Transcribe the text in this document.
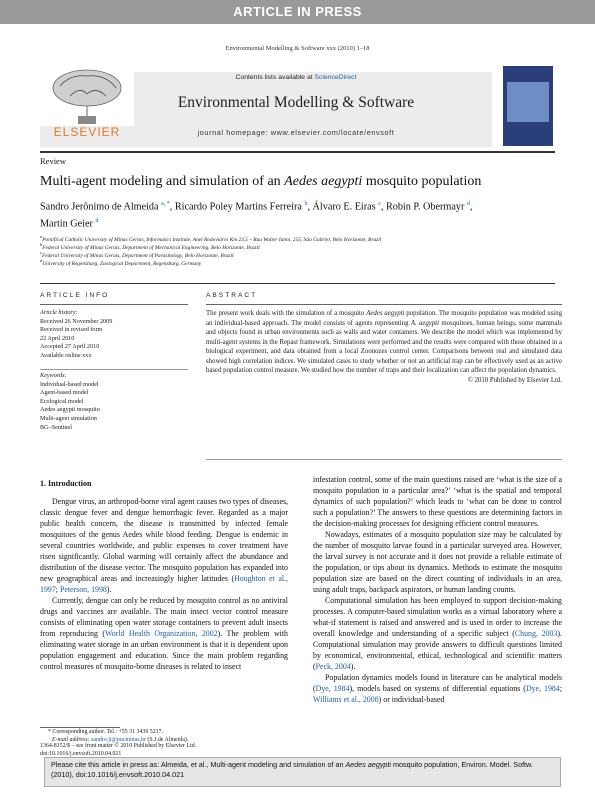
ARTICLE IN PRESS
Environmental Modelling & Software xxx (2010) 1–18
ELSEVIER
Contents lists available at ScienceDirect
Environmental Modelling & Software
journal homepage: www.elsevier.com/locate/envsoft
Review
Multi-agent modeling and simulation of an Aedes aegypti mosquito population
Sandro Jerônimo de Almeida $^{a, *}$, Ricardo Poley Martins Ferreira $^b$, Álvaro E. Eiras $^c$, Robin P. Obermayr $^d$,
Martin Geier $^d$
$^a$Pontifical Catholic University of Minas Gerais, Informatics Institute, Anel Rodoviário Km 23,5 – Rua Walter Ianni, 255, São Gabriel, Belo Horizonte, Brazil
$^b$Federal University of Minas Gerais, Department of Mechanical Engineering, Belo Horizonte, Brazil
$^c$Federal University of Minas Gerais, Department of Parasitology, Belo Horizonte, Brazil
$^d$University of Regensburg, Zoological Department, Regensburg, Germany
ARTICLE INFO
Article history:
Received 26 November 2009
Received in revised form
22 April 2010
Accepted 27 April 2010
Available online xxx
Keywords:
Individual-based model
Agent-based model
Ecological model
Aedes aegypti mosquito
Multi-agent simulation
BG–Sentinel
ABSTRACT
The present work deals with the simulation of a mosquito Aedes aegypti population. The mosquito population was modeled using an individual-based approach. The model consists of agents representing A. aegypti mosquitoes, human beings, some mammals and objects found in urban environments such as walls and water containers. We describe the model which was implemented by multi-agent systems in the Repast framework. Simulations were performed and the results were compared with those obtained in a biological experiment, and data obtained from a local Zoonozes control center. Comparisons between real and simulated data showed high correlation indices. We simulated cases to study whether or not an artificial trap can be effectively used as an active based population control measure. We studied how the number of traps and their localization can affect the population dynamics.
© 2010 Published by Elsevier Ltd.
1. Introduction

Dengue virus, an arthropod-borne viral agent causes two types of diseases, classic dengue fever and dengue hemorrhagic fever. Regarded as a major public health concern, the disease is transmitted by infected female mosquitoes of the genus Aedes while blood feeding. Dengue is endemic in several countries worldwide, and public expenses to cover treatment have risen significantly. Global warming will certainly affect the abundance and distribution of the disease vector. The mosquito population has expanded into new geographical areas and increasingly higher latitudes (Houghton et al., 1997; Peterson, 1998).

Currently, dengue can only be reduced by mosquito control as no antiviral drugs and vaccines are available. The main insect vector control measure consists of eliminating open water storage containers to prevent adult insects from reproducing (World Health Organization, 2002). The problem with eliminating water storage in an urban environment is that it is dependent upon population engagement and education. Since the main problem regarding control measures of mosquito-borne diseases is related to insect

infestation control, some of the main questions raised are ‘what is the size of a mosquito population in a particular area?’ ‘what is the spatial and temporal dynamics of such population?’ which leads to ‘what can be done to control such a population?’ The answers to these questions are determining factors in the decision-making processes for designing efficient control measures.

Nowadays, estimates of a mosquito population size may be calculated by the number of mosquito larvae found in a particular surveyed area. However, the larval survey is not accurate and it does not provide a reliable estimate of the population, or tips about its dynamics. Methods to estimate the mosquito population size are based on the direct counting of individuals in an area, using adult traps, backpack aspirators, or human landing counts.

Computational simulation has been employed to support decision-making processes. A computer-based simulation works as a virtual laboratory where a what-if statement is raised and answered and is used in order to increase the overall knowledge and understanding of a specific subject (Chung, 2003). Computational simulation may provide answers to difficult questions limited by economical, environmental, ethical, technological and scientific matters (Peck, 2004).

Population dynamics models found in literature can be analytical models (Dye, 1984), models based on systems of differential equations (Dye, 1984; Williams et al., 2008) or individual-based

* Corresponding author. Tel.: +55 31 3439 5217.
E-mail address: sandro.ji@pucminas.br (S.J.de Almeida).
1364-8152/$ – see front matter © 2010 Published by Elsevier Ltd.
Please cite this article in press as: Almeida, et al., Multi-agent modeling and simulation of an Aedes aegypti mosquito population, Environ. Model. Softw. (2010), doi:10.1016/j.envsoft.2010.04.021
doi:10.1016/j.envsoft.2010.04.021
